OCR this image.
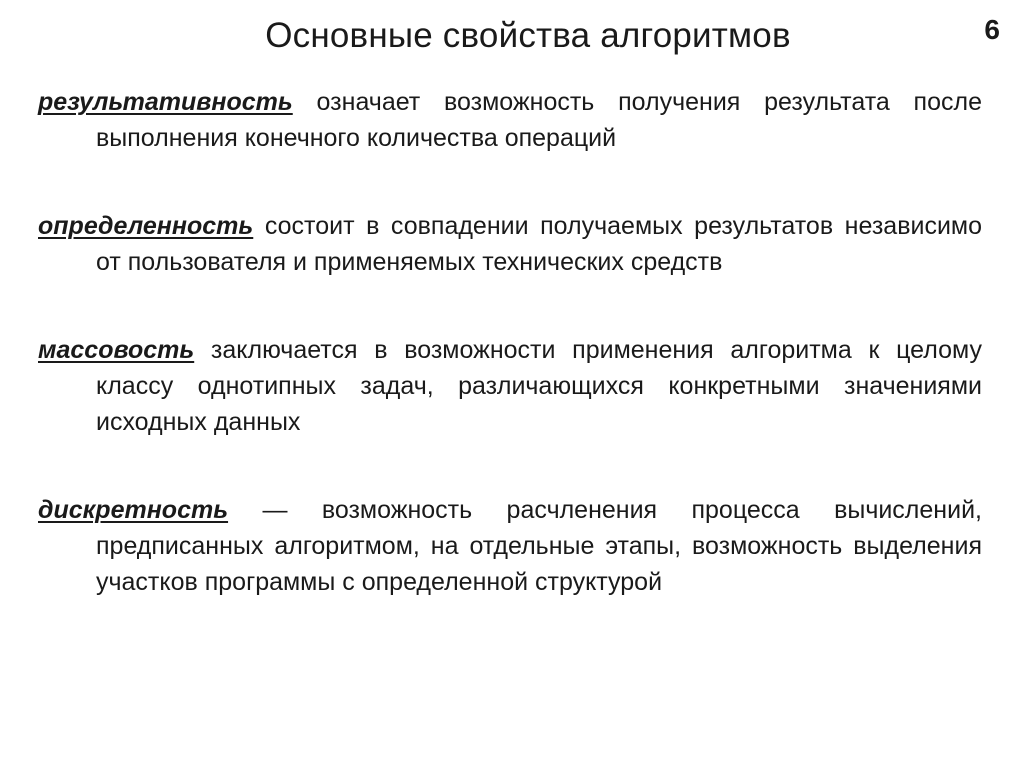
Основные свойства алгоритмов	6

результативность означает возможность получения результата после выполнения конечного количества операций

определенность состоит в совпадении получаемых результатов независимо от пользователя и применяемых технических средств

массовость заключается в возможности применения алгоритма к целому классу однотипных задач, различающихся конкретными значениями исходных данных

дискретность — возможность расчленения процесса вычислений, предписанных алгоритмом, на отдельные этапы, возможность выделения участков программы с определенной структурой
